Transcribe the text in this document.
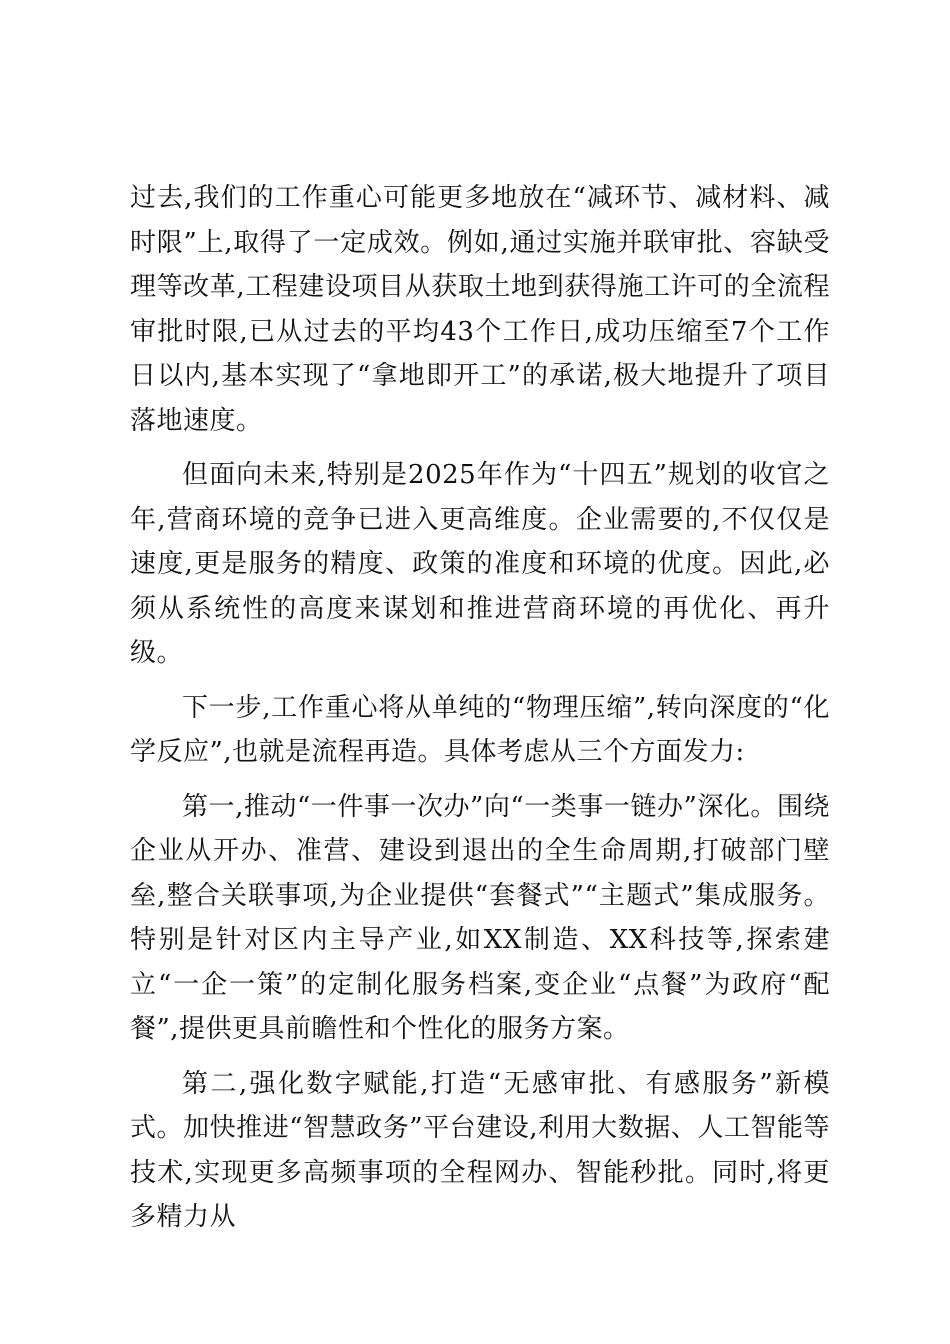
过去,我们的工作重心可能更多地放在“减环节、减材料、减时限”上,取得了一定成效。例如,通过实施并联审批、容缺受理等改革,工程建设项目从获取土地到获得施工许可的全流程审批时限,已从过去的平均43个工作日,成功压缩至7个工作日以内,基本实现了“拿地即开工”的承诺,极大地提升了项目落地速度。

但面向未来,特别是2025年作为“十四五”规划的收官之年,营商环境的竞争已进入更高维度。企业需要的,不仅仅是速度,更是服务的精度、政策的准度和环境的优度。因此,必须从系统性的高度来谋划和推进营商环境的再优化、再升级。

下一步,工作重心将从单纯的“物理压缩”,转向深度的“化学反应”,也就是流程再造。具体考虑从三个方面发力:

第一,推动“一件事一次办”向“一类事一链办”深化。围绕企业从开办、准营、建设到退出的全生命周期,打破部门壁垒,整合关联事项,为企业提供“套餐式”“主题式”集成服务。特别是针对区内主导产业,如XX制造、XX科技等,探索建立“一企一策”的定制化服务档案,变企业“点餐”为政府“配餐”,提供更具前瞻性和个性化的服务方案。

第二,强化数字赋能,打造“无感审批、有感服务”新模式。加快推进“智慧政务”平台建设,利用大数据、人工智能等技术,实现更多高频事项的全程网办、智能秒批。同时,将更多精力从
